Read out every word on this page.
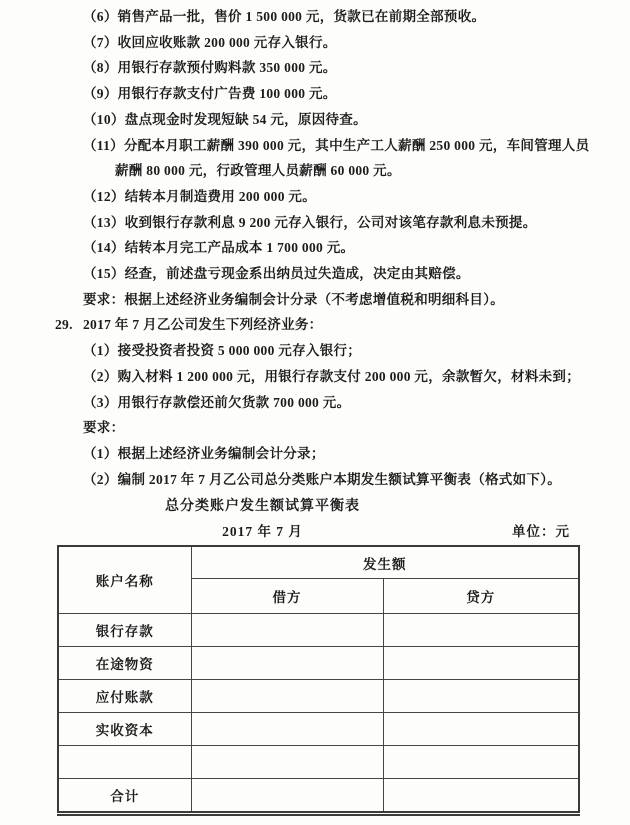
（6）销售产品一批，售价 1 500 000 元，货款已在前期全部预收。
（7）收回应收账款 200 000 元存入银行。
（8）用银行存款预付购料款 350 000 元。
（9）用银行存款支付广告费 100 000 元。
（10）盘点现金时发现短缺 54 元，原因待查。
（11）分配本月职工薪酬 390 000 元，其中生产工人薪酬 250 000 元，车间管理人员薪酬 80 000 元，行政管理人员薪酬 60 000 元。
（12）结转本月制造费用 200 000 元。
（13）收到银行存款利息 9 200 元存入银行，公司对该笔存款利息未预提。
（14）结转本月完工产品成本 1 700 000 元。
（15）经查，前述盘亏现金系出纳员过失造成，决定由其赔偿。
要求：根据上述经济业务编制会计分录（不考虑增值税和明细科目）。
29. 2017 年 7 月乙公司发生下列经济业务：
（1）接受投资者投资 5 000 000 元存入银行；
（2）购入材料 1 200 000 元，用银行存款支付 200 000 元，余款暂欠，材料未到；
（3）用银行存款偿还前欠货款 700 000 元。
要求：
（1）根据上述经济业务编制会计分录；
（2）编制 2017 年 7 月乙公司总分类账户本期发生额试算平衡表（格式如下）。
总分类账户发生额试算平衡表
2017 年 7 月	单位：元
账户名称	发生额	
	借方	贷方
银行存款		
在途物资		
应付账款		
实收资本		

合计		
